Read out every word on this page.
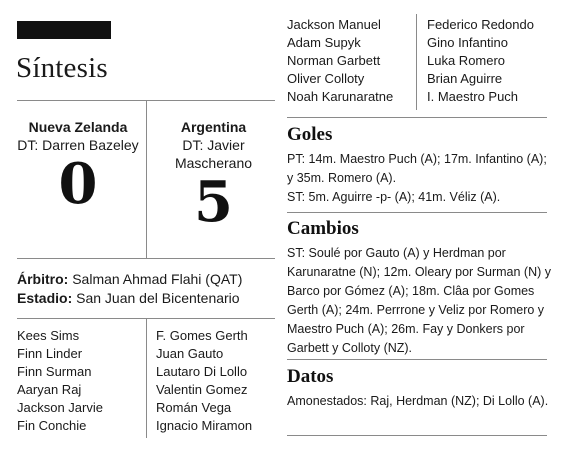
Síntesis
Nueva Zelanda
DT: Darren Bazeley
0
Argentina
DT: Javier Mascherano
5
Árbitro: Salman Ahmad Flahi (QAT)
Estadio: San Juan del Bicentenario
Kees Sims
Finn Linder
Finn Surman
Aaryan Raj
Jackson Jarvie
Fin Conchie
F. Gomes Gerth
Juan Gauto
Lautaro Di Lollo
Valentin Gomez
Román Vega
Ignacio Miramon
Jackson Manuel
Adam Supyk
Norman Garbett
Oliver Colloty
Noah Karunaratne
Federico Redondo
Gino Infantino
Luka Romero
Brian Aguirre
I. Maestro Puch
Goles
PT: 14m. Maestro Puch (A); 17m. Infantino (A); y 35m. Romero (A).
ST: 5m. Aguirre -p- (A); 41m. Véliz (A).
Cambios
ST: Soulé por Gauto (A) y Herdman por Karunaratne (N); 12m. Oleary por Surman (N) y Barco por Gómez (A); 18m. Clâa por Gomes Gerth (A); 24m. Perrrone y Veliz por Romero y Maestro Puch (A); 26m. Fay y Donkers por Garbett y Colloty (NZ).
Datos
Amonestados: Raj, Herdman (NZ); Di Lollo (A).
